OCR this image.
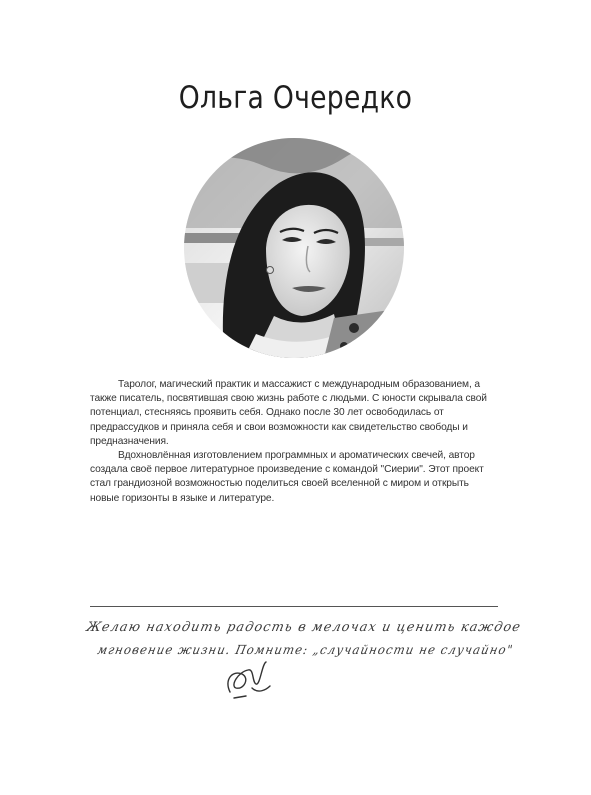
Ольга Очередко

Таролог, магический практик и массажист с международным образованием, а также писатель, посвятившая свою жизнь работе с людьми. С юности скрывала свой потенциал, стесняясь проявить себя. Однако после 30 лет освободилась от предрассудков и приняла себя и свои возможности как свидетельство свободы и предназначения.

Вдохновлённая изготовлением программных и ароматических свечей, автор создала своё первое литературное произведение с командой "Сиерии". Этот проект стал грандиозной возможностью поделиться своей вселенной с миром и открыть новые горизонты в языке и литературе.

Желаю находить радость в мелочах и ценить каждое
мгновение жизни. Помните: „случайности не случайно"
